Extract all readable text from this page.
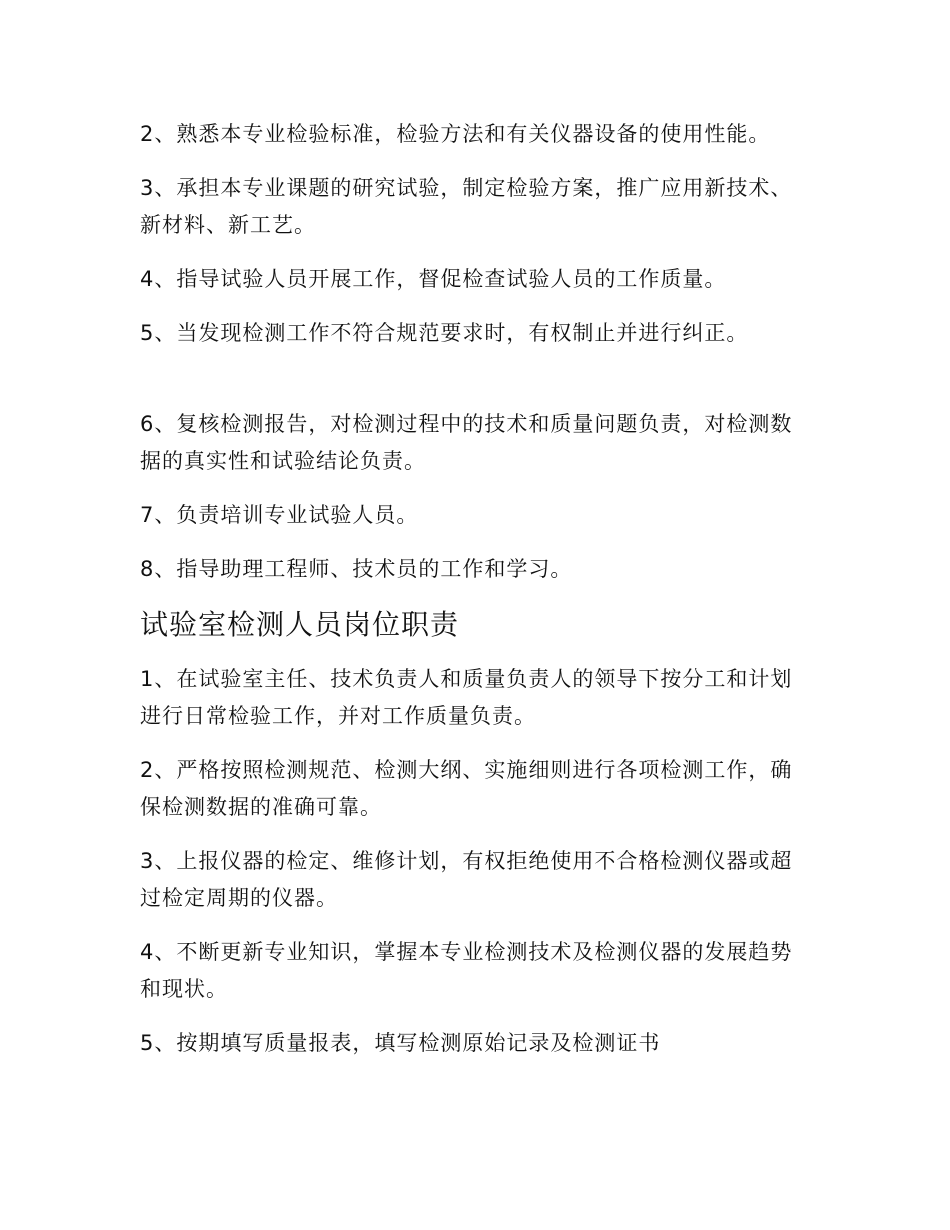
2、熟悉本专业检验标准，检验方法和有关仪器设备的使用性能。

3、承担本专业课题的研究试验，制定检验方案，推广应用新技术、新材料、新工艺。

4、指导试验人员开展工作，督促检查试验人员的工作质量。

5、当发现检测工作不符合规范要求时，有权制止并进行纠正。

6、复核检测报告，对检测过程中的技术和质量问题负责，对检测数据的真实性和试验结论负责。

7、负责培训专业试验人员。

8、指导助理工程师、技术员的工作和学习。

试验室检测人员岗位职责

1、在试验室主任、技术负责人和质量负责人的领导下按分工和计划进行日常检验工作，并对工作质量负责。

2、严格按照检测规范、检测大纲、实施细则进行各项检测工作，确保检测数据的准确可靠。

3、上报仪器的检定、维修计划，有权拒绝使用不合格检测仪器或超过检定周期的仪器。

4、不断更新专业知识，掌握本专业检测技术及检测仪器的发展趋势和现状。

5、按期填写质量报表，填写检测原始记录及检测证书
